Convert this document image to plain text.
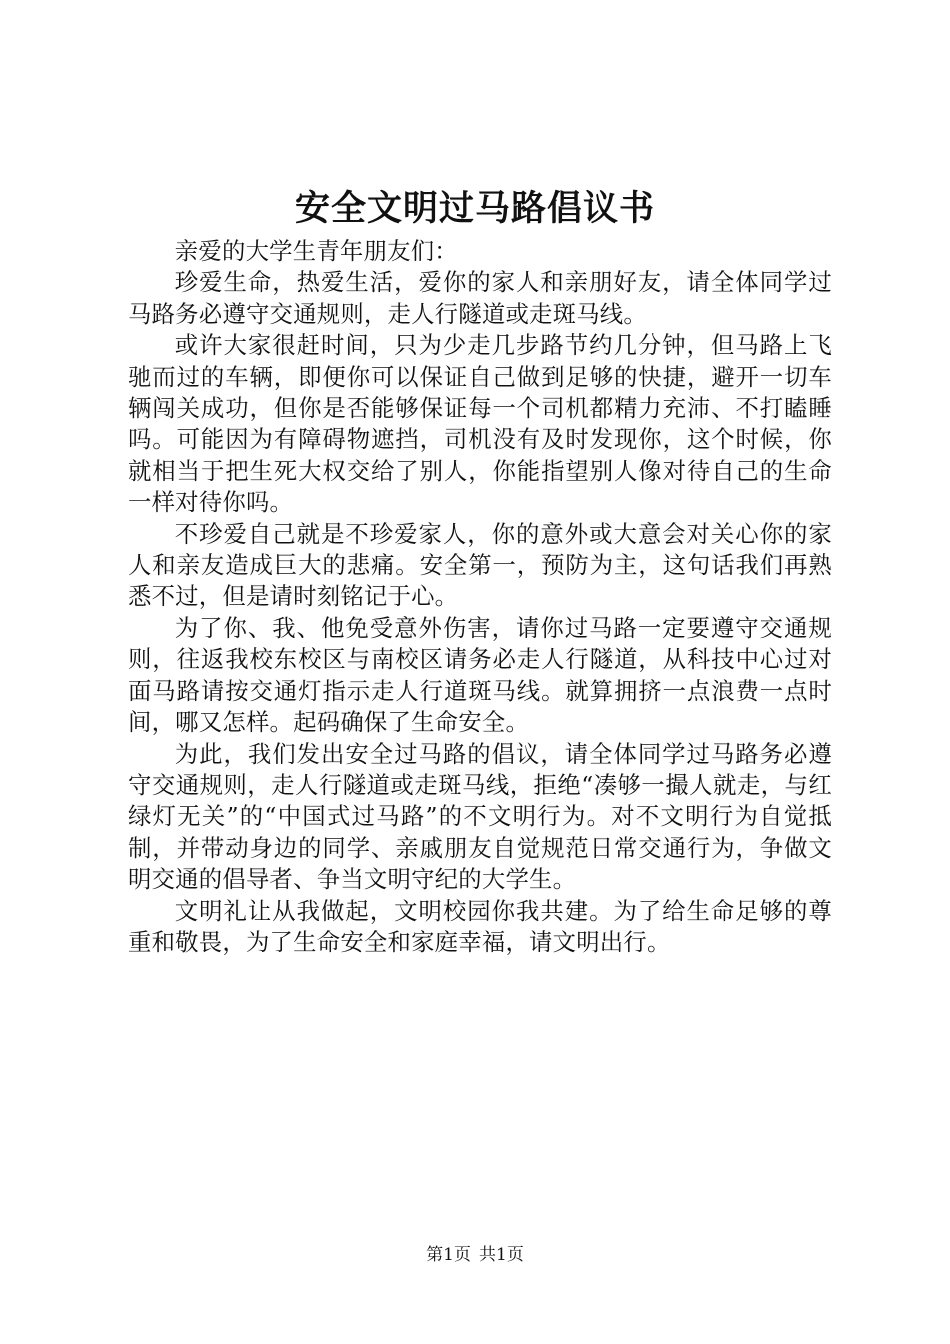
安全文明过马路倡议书

亲爱的大学生青年朋友们：

珍爱生命，热爱生活，爱你的家人和亲朋好友，请全体同学过马路务必遵守交通规则，走人行隧道或走斑马线。

或许大家很赶时间，只为少走几步路节约几分钟，但马路上飞驰而过的车辆，即便你可以保证自己做到足够的快捷，避开一切车辆闯关成功，但你是否能够保证每一个司机都精力充沛、不打瞌睡吗。可能因为有障碍物遮挡，司机没有及时发现你，这个时候，你就相当于把生死大权交给了别人，你能指望别人像对待自己的生命一样对待你吗。

不珍爱自己就是不珍爱家人，你的意外或大意会对关心你的家人和亲友造成巨大的悲痛。安全第一，预防为主，这句话我们再熟悉不过，但是请时刻铭记于心。

为了你、我、他免受意外伤害，请你过马路一定要遵守交通规则，往返我校东校区与南校区请务必走人行隧道，从科技中心过对面马路请按交通灯指示走人行道斑马线。就算拥挤一点浪费一点时间，哪又怎样。起码确保了生命安全。

为此，我们发出安全过马路的倡议，请全体同学过马路务必遵守交通规则，走人行隧道或走斑马线，拒绝“凑够一撮人就走，与红绿灯无关”的“中国式过马路”的不文明行为。对不文明行为自觉抵制，并带动身边的同学、亲戚朋友自觉规范日常交通行为，争做文明交通的倡导者、争当文明守纪的大学生。

文明礼让从我做起，文明校园你我共建。为了给生命足够的尊重和敬畏，为了生命安全和家庭幸福，请文明出行。

第1页 共1页
